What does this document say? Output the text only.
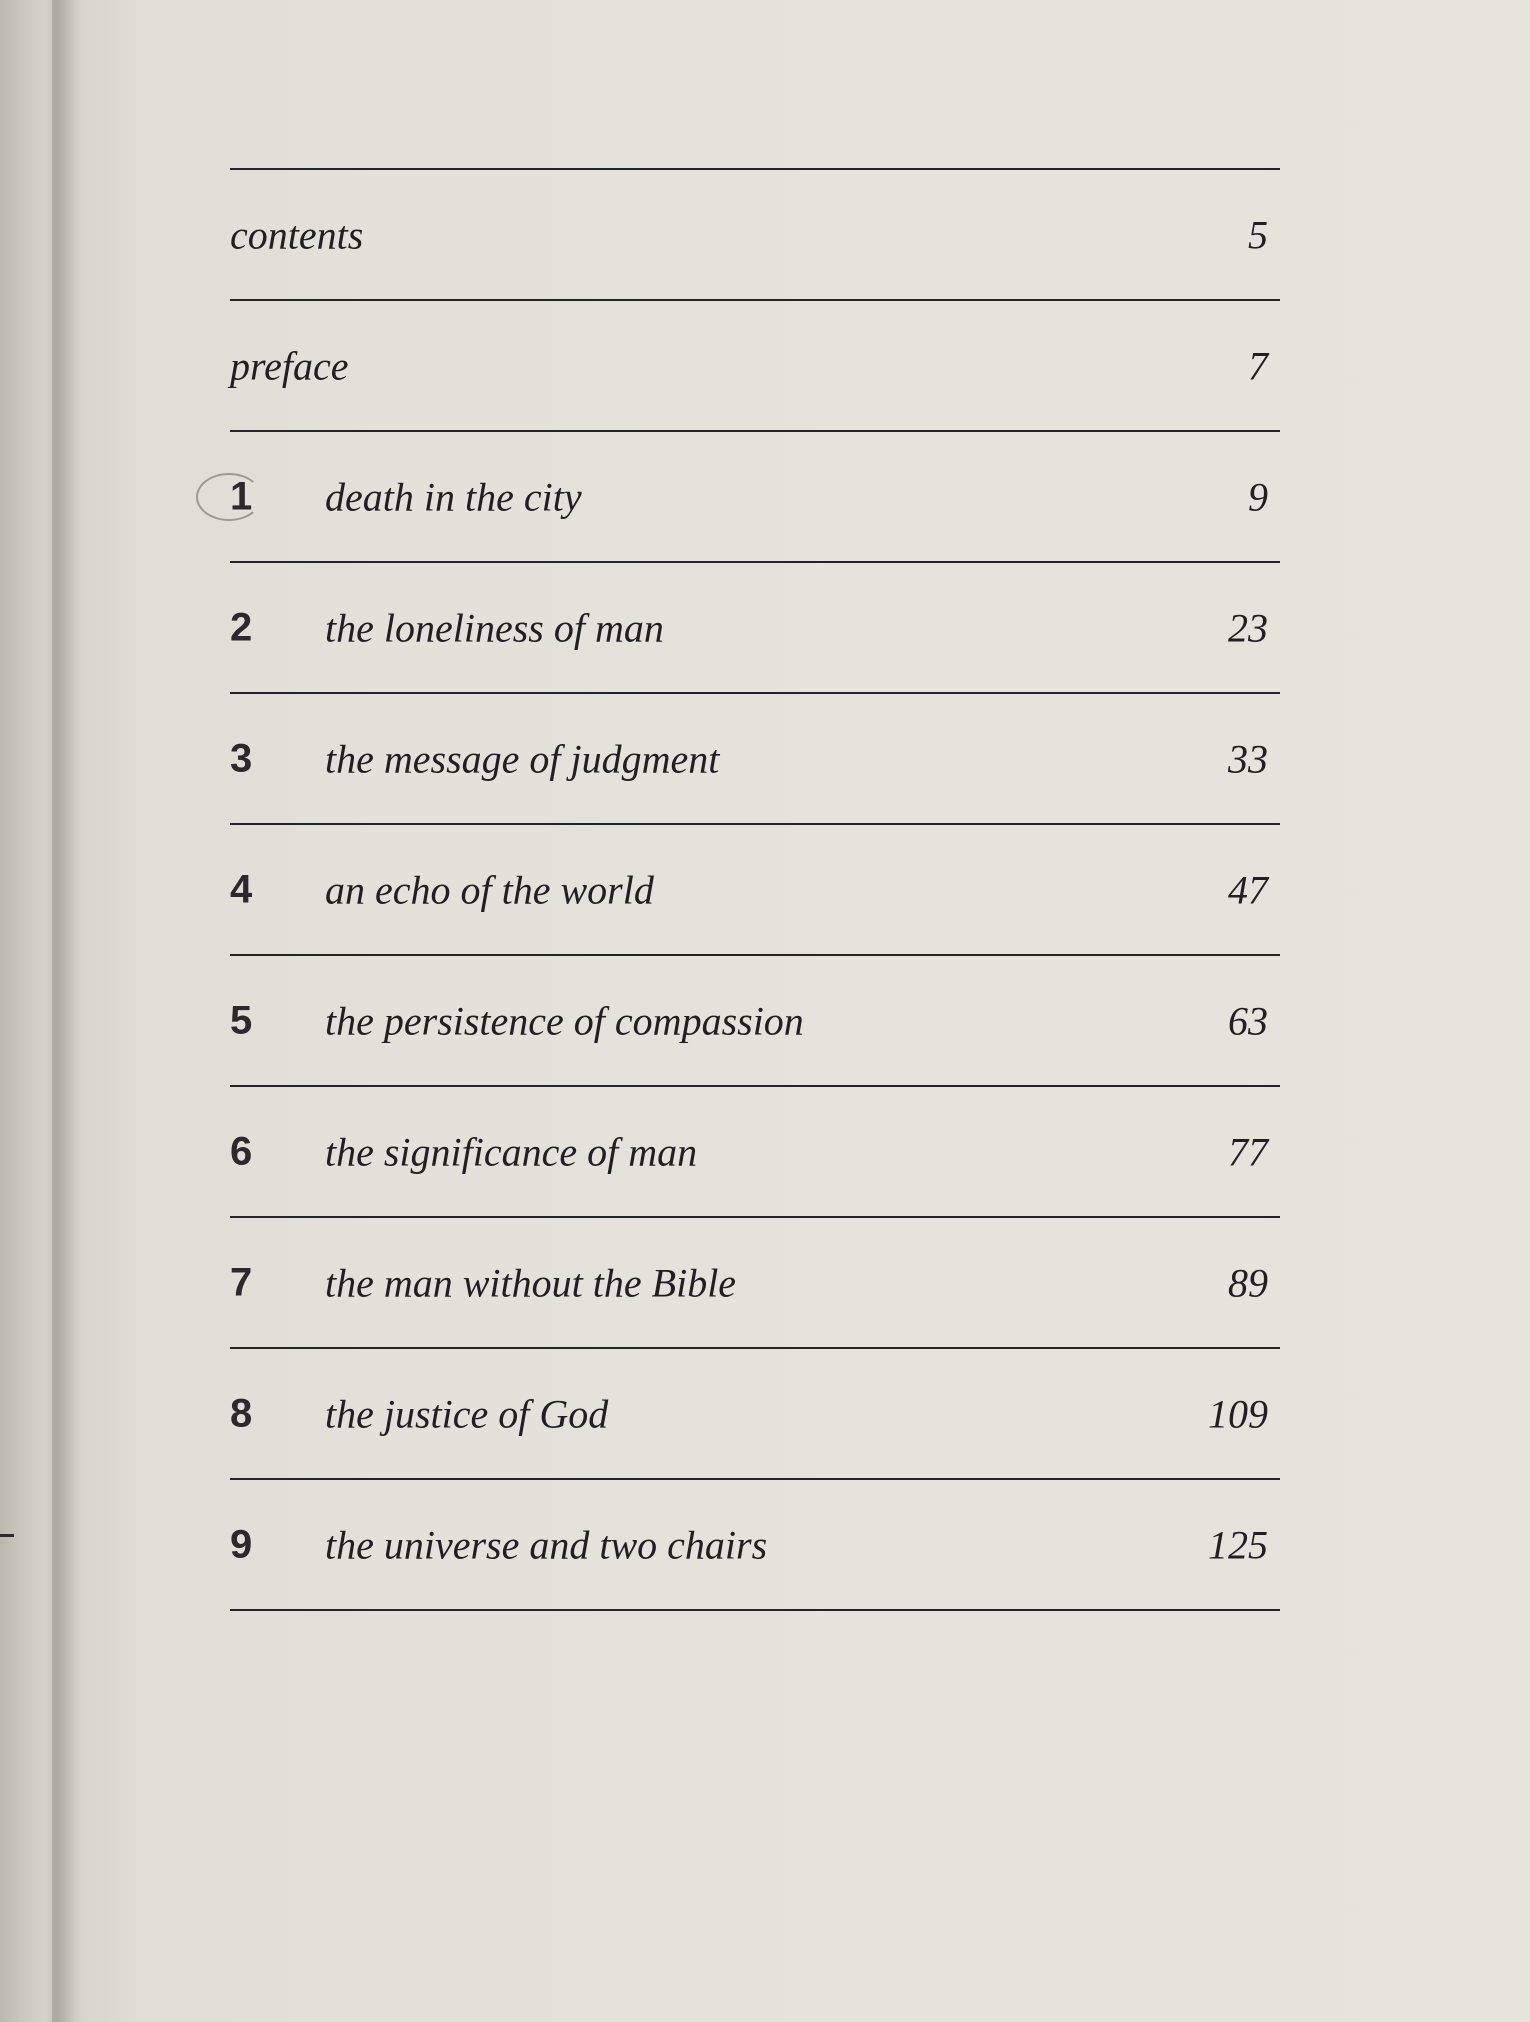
contents	5
preface	7
1 death in the city	9
2 the loneliness of man	23
3 the message of judgment	33
4 an echo of the world	47
5 the persistence of compassion	63
6 the significance of man	77
7 the man without the Bible	89
8 the justice of God	109
9 the universe and two chairs	125
